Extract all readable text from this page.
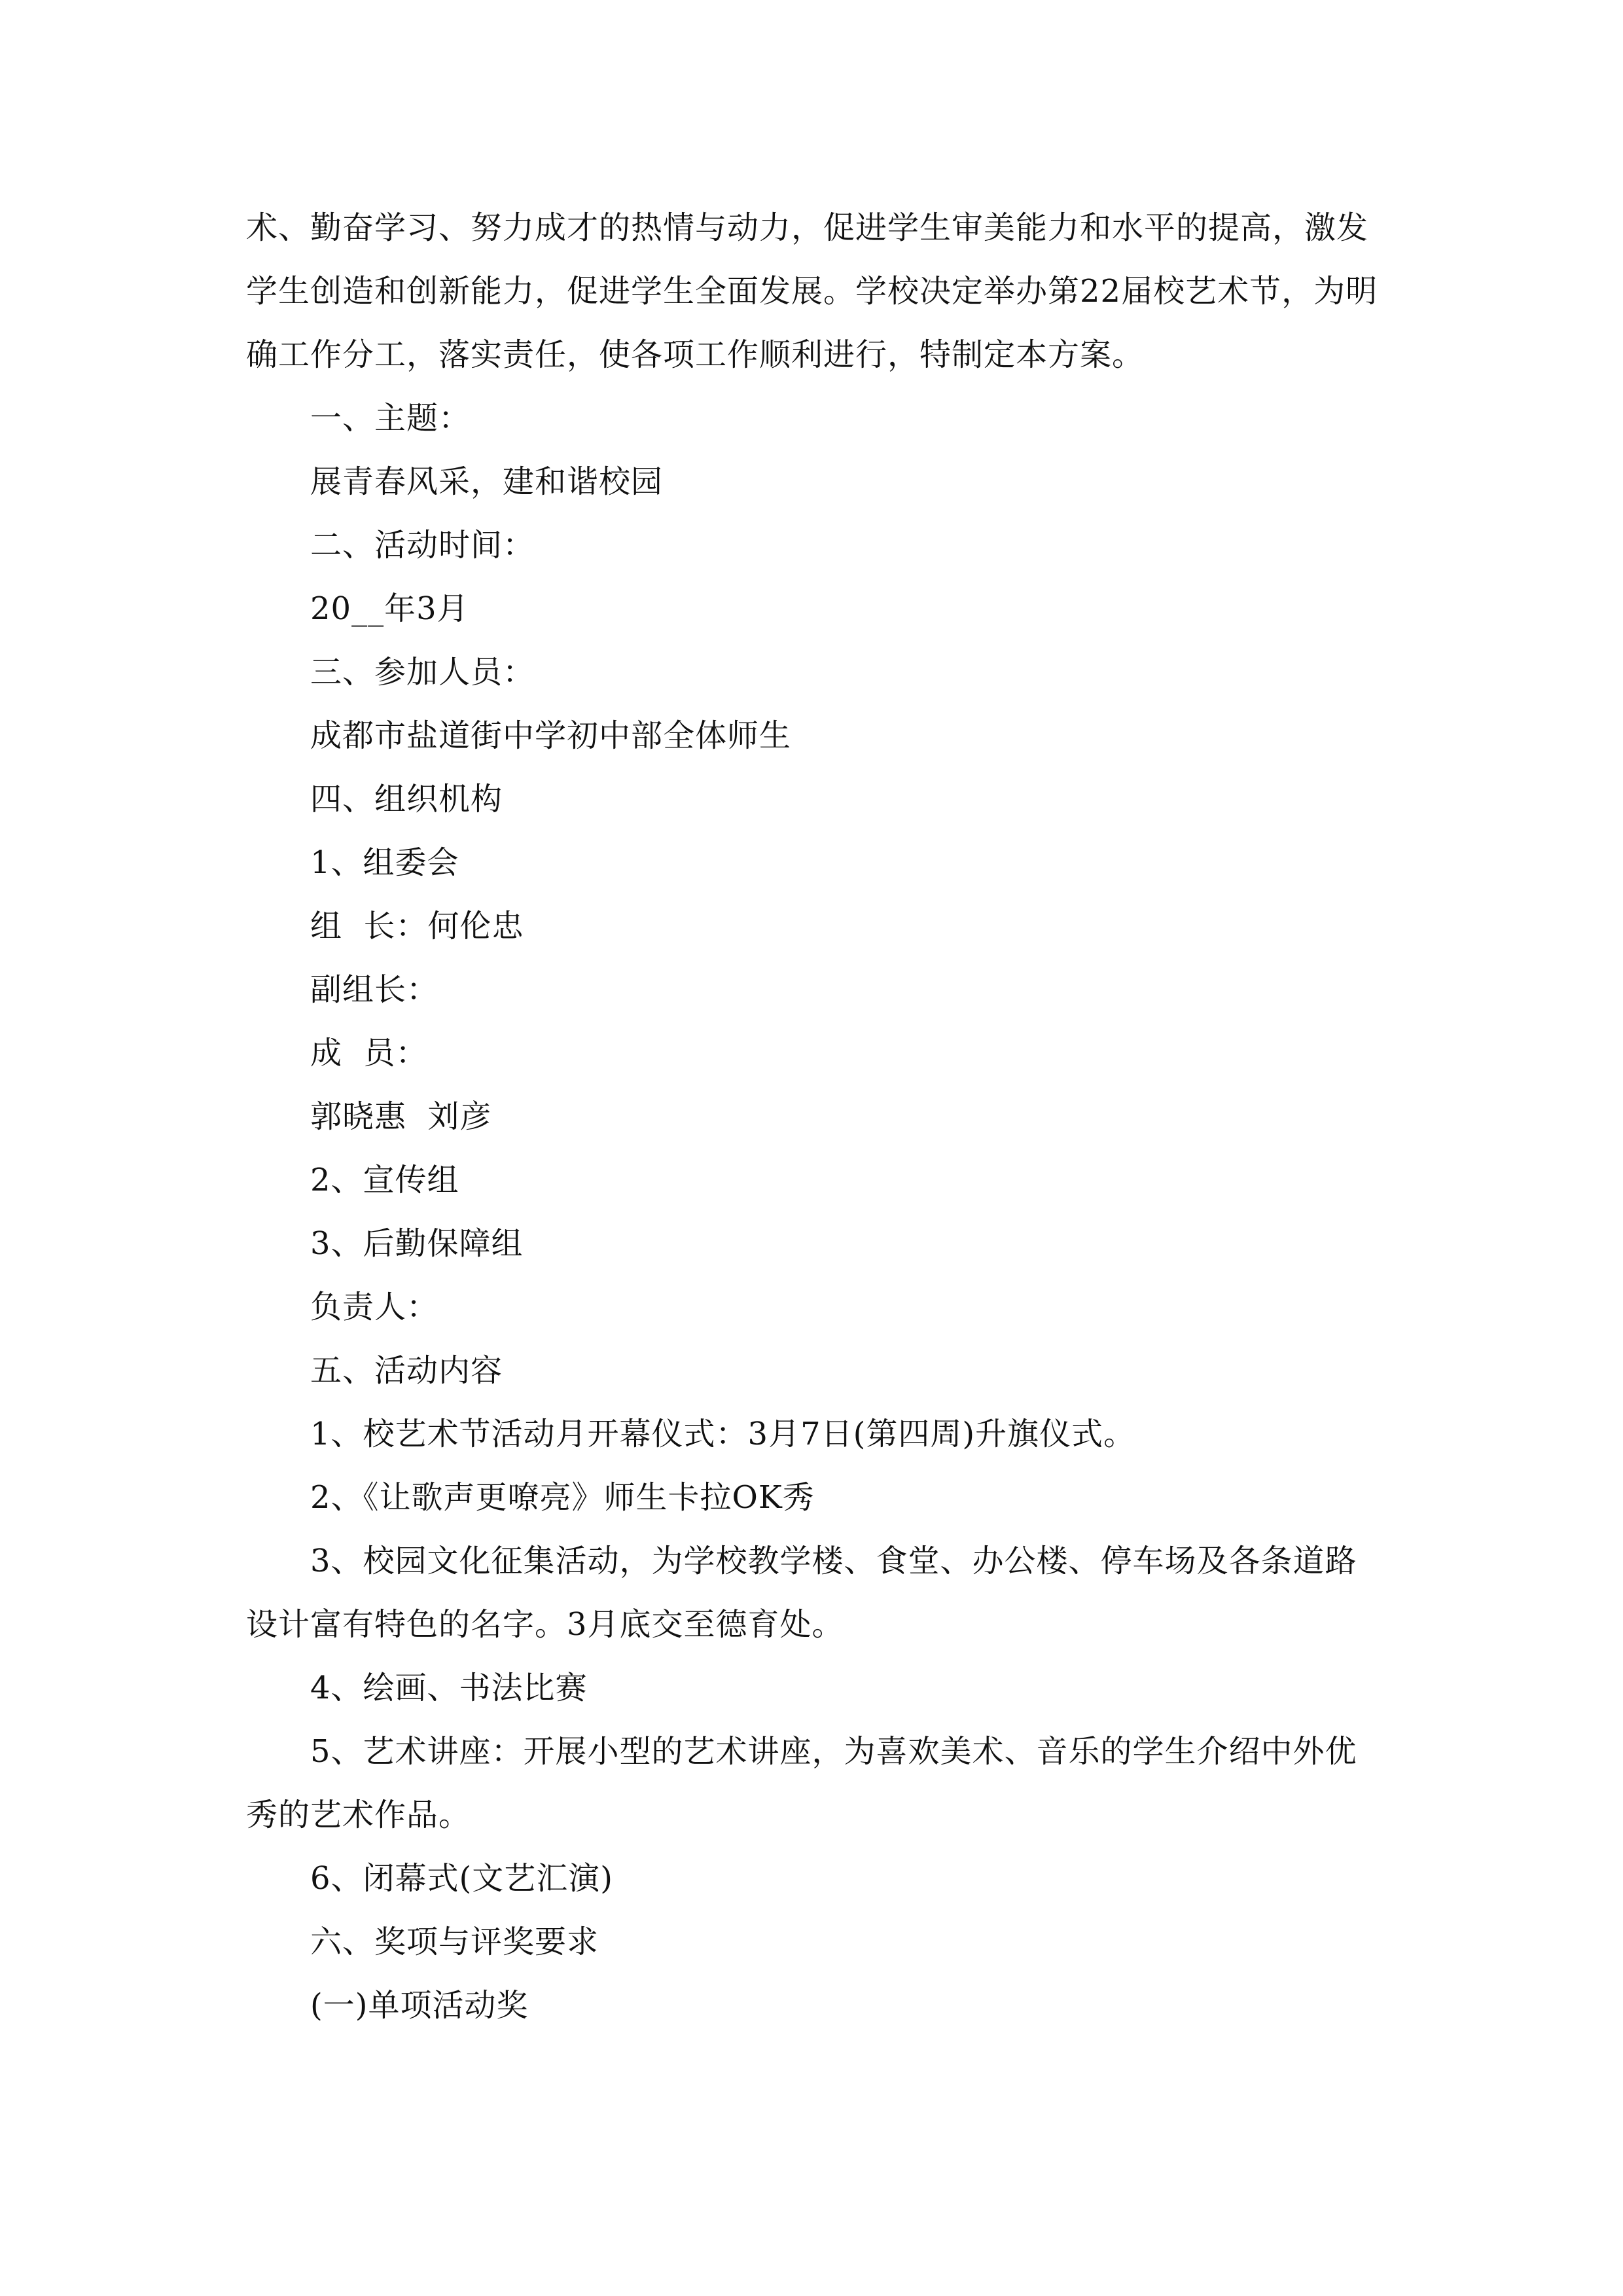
术、勤奋学习、努力成才的热情与动力，促进学生审美能力和水平的提高，激发学生创造和创新能力，促进学生全面发展。学校决定举办第22届校艺术节，为明确工作分工，落实责任，使各项工作顺利进行，特制定本方案。

一、主题：

展青春风采，建和谐校园

二、活动时间：

20__年3月

三、参加人员：

成都市盐道街中学初中部全体师生

四、组织机构

1、组委会

组  长：何伦忠

副组长：

成  员：

郭晓惠  刘彦

2、宣传组

3、后勤保障组

负责人：

五、活动内容

1、校艺术节活动月开幕仪式：3月7日(第四周)升旗仪式。

2、《让歌声更嘹亮》师生卡拉OK秀

3、校园文化征集活动，为学校教学楼、食堂、办公楼、停车场及各条道路设计富有特色的名字。3月底交至德育处。

4、绘画、书法比赛

5、艺术讲座：开展小型的艺术讲座，为喜欢美术、音乐的学生介绍中外优秀的艺术作品。

6、闭幕式(文艺汇演)

六、奖项与评奖要求

(一)单项活动奖
